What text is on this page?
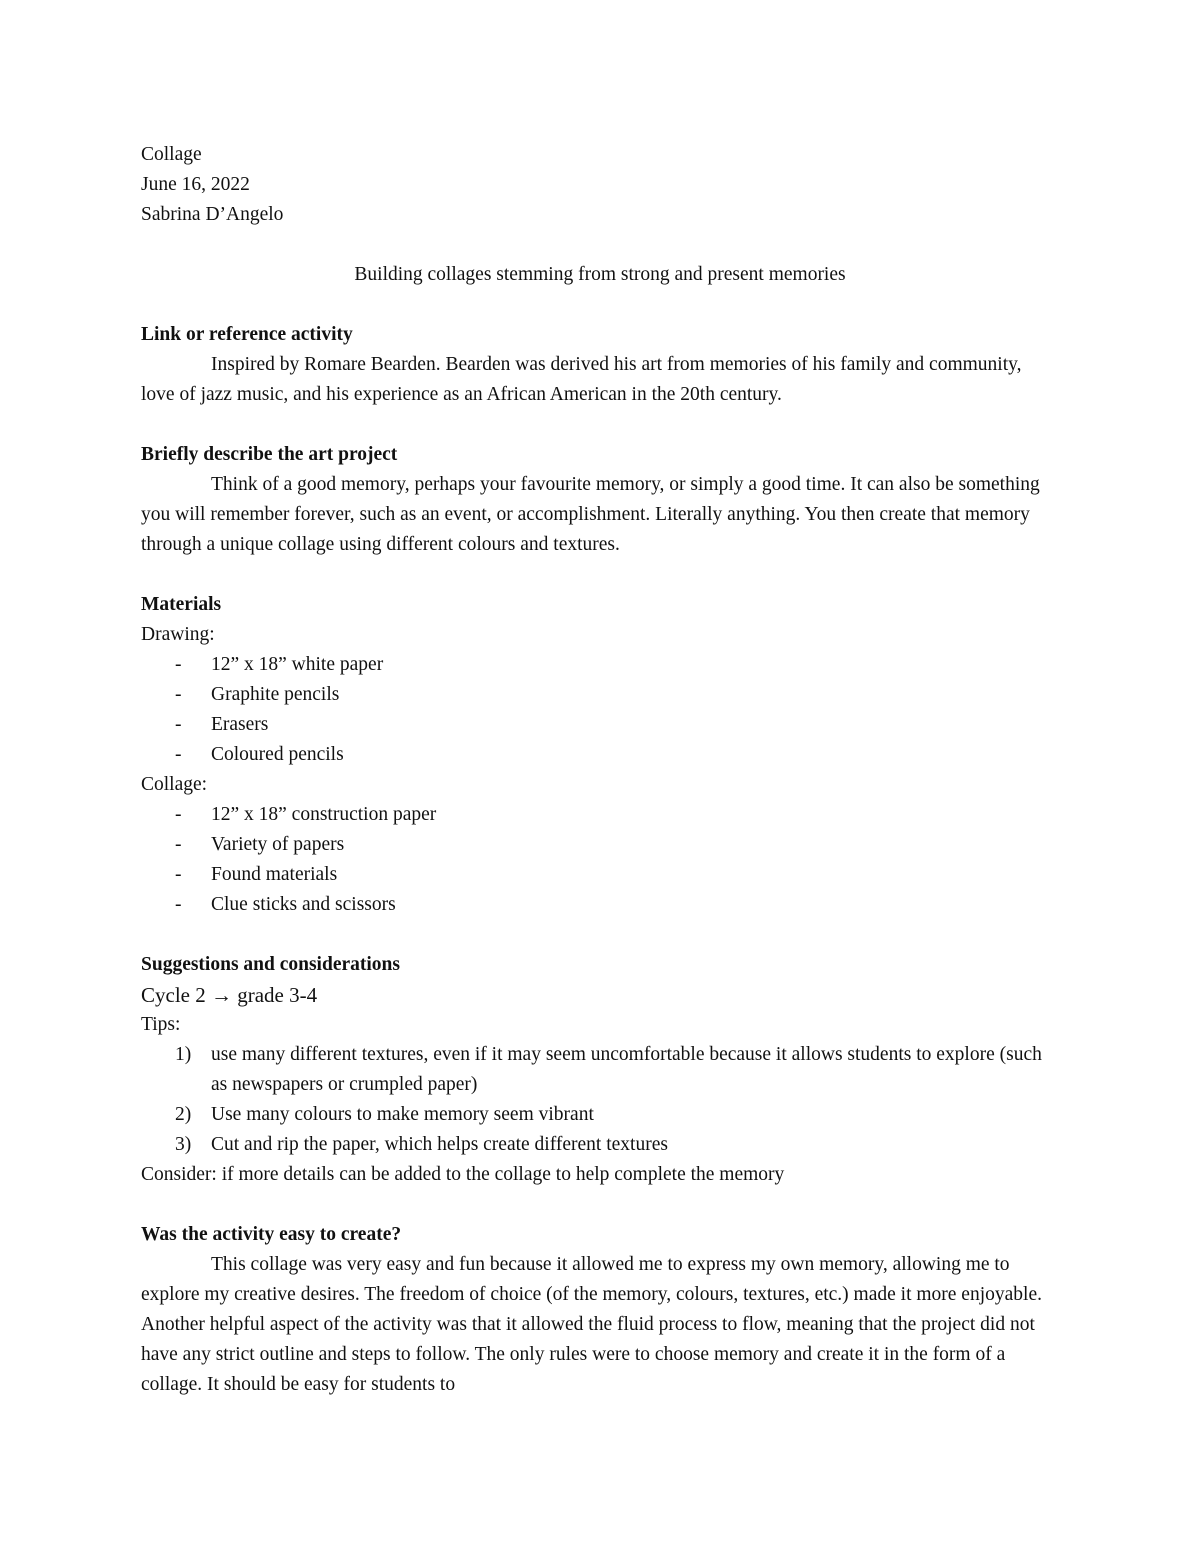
Collage
June 16, 2022
Sabrina D’Angelo
Building collages stemming from strong and present memories
Link or reference activity
Inspired by Romare Bearden. Bearden was derived his art from memories of his family and community, love of jazz music, and his experience as an African American in the 20th century.
Briefly describe the art project
Think of a good memory, perhaps your favourite memory, or simply a good time. It can also be something you will remember forever, such as an event, or accomplishment. Literally anything. You then create that memory through a unique collage using different colours and textures.
Materials
Drawing:
- 12” x 18” white paper
- Graphite pencils
- Erasers
- Coloured pencils
Collage:
- 12” x 18” construction paper
- Variety of papers
- Found materials
- Clue sticks and scissors
Suggestions and considerations
Cycle 2 → grade 3-4
Tips:
1) use many different textures, even if it may seem uncomfortable because it allows students to explore (such as newspapers or crumpled paper)
2) Use many colours to make memory seem vibrant
3) Cut and rip the paper, which helps create different textures
Consider: if more details can be added to the collage to help complete the memory
Was the activity easy to create?
This collage was very easy and fun because it allowed me to express my own memory, allowing me to explore my creative desires. The freedom of choice (of the memory, colours, textures, etc.) made it more enjoyable. Another helpful aspect of the activity was that it allowed the fluid process to flow, meaning that the project did not have any strict outline and steps to follow. The only rules were to choose memory and create it in the form of a collage. It should be easy for students to
